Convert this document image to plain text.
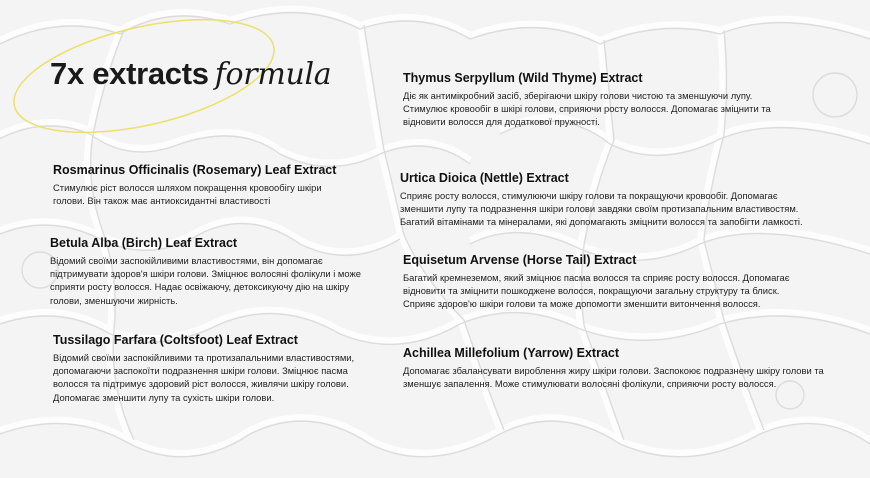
7x extracts formula	Thymus Serpyllum (Wild Thyme) Extract

Діє як антимікробний засіб, зберігаючи шкіру голови чистою та зменшуючи лупу. Стимулює кровообіг в шкірі голови, сприяючи росту волосся. Допомагає зміцнити та відновити волосся для додаткової пружності.

Rosmarinus Officinalis (Rosemary) Leaf Extract

Стимулює ріст волосся шляхом покращення кровообігу шкіри голови. Він також має антиоксидантні властивості

Urtica Dioica (Nettle) Extract

Сприяє росту волосся, стимулюючи шкіру голови та покращуючи кровообіг. Допомагає зменшити лупу та подразнення шкіри голови завдяки своїм протизапальним властивостям. Багатий вітамінами та мінералами, які допомагають зміцнити волосся та запобігти ламкості.

Betula Alba (Birch) Leaf Extract

Відомий своїми заспокійливими властивостями, він допомагає підтримувати здоров'я шкіри голови. Зміцнює волосяні фолікули і може сприяти росту волосся. Надає освіжаючу, детоксикуючу дію на шкіру голови, зменшуючи жирність.

Equisetum Arvense (Horse Tail) Extract

Багатий кремнеземом, який зміцнює пасма волосся та сприяє росту волосся. Допомагає відновити та зміцнити пошкоджене волосся, покращуючи загальну структуру та блиск. Сприяє здоров'ю шкіри голови та може допомогти зменшити витончення волосся.

Tussilago Farfara (Coltsfoot) Leaf Extract

Відомий своїми заспокійливими та протизапальними властивостями, допомагаючи заспокоїти подразнення шкіри голови. Зміцнює пасма волосся та підтримує здоровий ріст волосся, живлячи шкіру голови. Допомагає зменшити лупу та сухість шкіри голови.

Achillea Millefolium (Yarrow) Extract

Допомагає збалансувати вироблення жиру шкіри голови. Заспокоює подразнену шкіру голови та зменшує запалення. Може стимулювати волосяні фолікули, сприяючи росту волосся.
